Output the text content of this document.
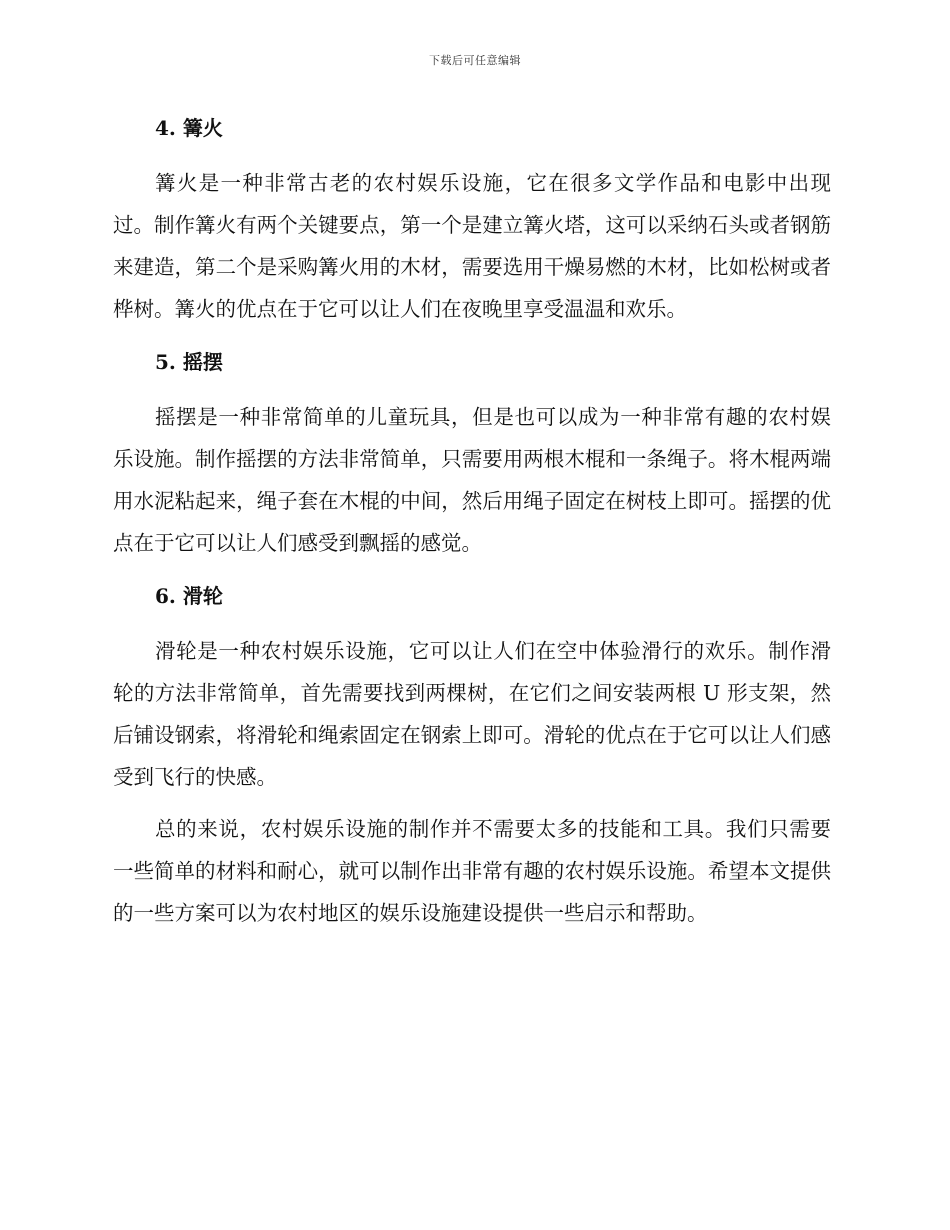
下载后可任意编辑
4. 篝火

篝火是一种非常古老的农村娱乐设施，它在很多文学作品和电影中出现过。制作篝火有两个关键要点，第一个是建立篝火塔，这可以采纳石头或者钢筋来建造，第二个是采购篝火用的木材，需要选用干燥易燃的木材，比如松树或者桦树。篝火的优点在于它可以让人们在夜晚里享受温温和欢乐。

5. 摇摆

摇摆是一种非常简单的儿童玩具，但是也可以成为一种非常有趣的农村娱乐设施。制作摇摆的方法非常简单，只需要用两根木棍和一条绳子。将木棍两端用水泥粘起来，绳子套在木棍的中间，然后用绳子固定在树枝上即可。摇摆的优点在于它可以让人们感受到飘摇的感觉。

6. 滑轮

滑轮是一种农村娱乐设施，它可以让人们在空中体验滑行的欢乐。制作滑轮的方法非常简单，首先需要找到两棵树，在它们之间安装两根 U 形支架，然后铺设钢索，将滑轮和绳索固定在钢索上即可。滑轮的优点在于它可以让人们感受到飞行的快感。

总的来说，农村娱乐设施的制作并不需要太多的技能和工具。我们只需要一些简单的材料和耐心，就可以制作出非常有趣的农村娱乐设施。希望本文提供的一些方案可以为农村地区的娱乐设施建设提供一些启示和帮助。
